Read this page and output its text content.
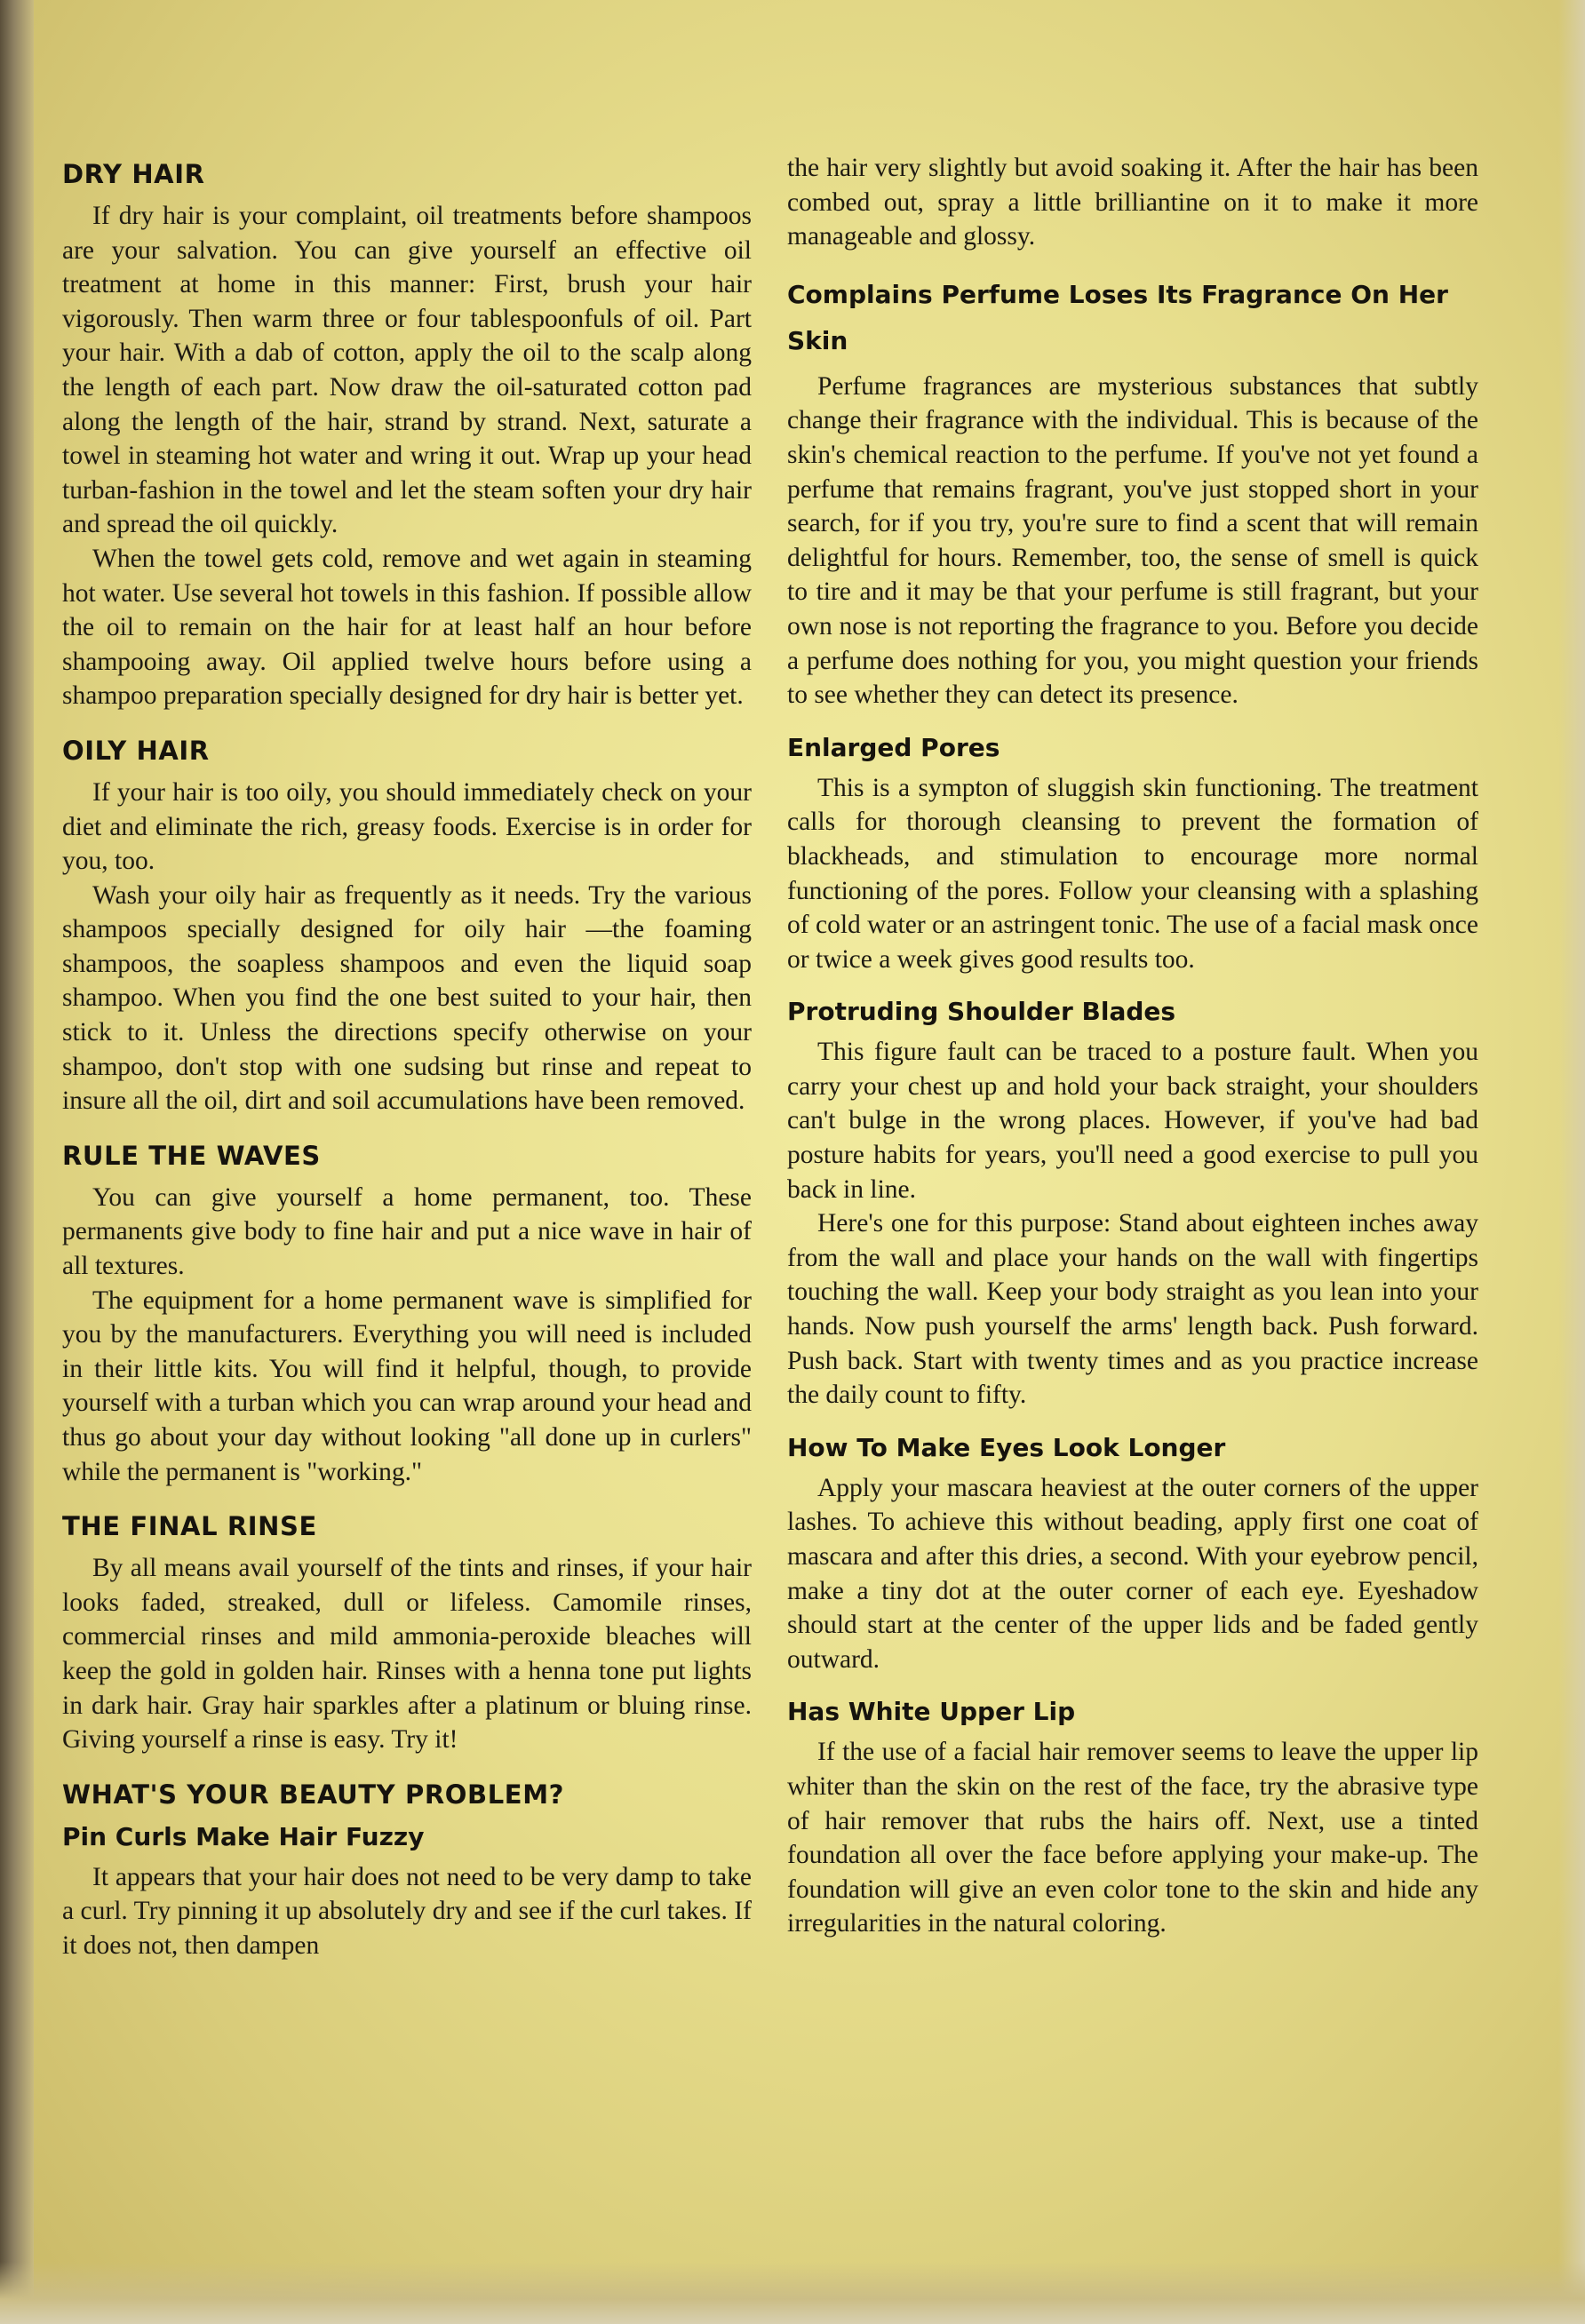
DRY HAIR

If dry hair is your complaint, oil treatments before shampoos are your salvation. You can give yourself an effective oil treatment at home in this manner: First, brush your hair vigorously. Then warm three or four tablespoonfuls of oil. Part your hair. With a dab of cotton, apply the oil to the scalp along the length of each part. Now draw the oil-saturated cotton pad along the length of the hair, strand by strand. Next, saturate a towel in steaming hot water and wring it out. Wrap up your head turban-fashion in the towel and let the steam soften your dry hair and spread the oil quickly.

When the towel gets cold, remove and wet again in steaming hot water. Use several hot towels in this fashion. If possible allow the oil to remain on the hair for at least half an hour before shampooing away. Oil applied twelve hours before using a shampoo preparation specially designed for dry hair is better yet.

OILY HAIR

If your hair is too oily, you should immediately check on your diet and eliminate the rich, greasy foods. Exercise is in order for you, too.

Wash your oily hair as frequently as it needs. Try the various shampoos specially designed for oily hair —the foaming shampoos, the soapless shampoos and even the liquid soap shampoo. When you find the one best suited to your hair, then stick to it. Unless the directions specify otherwise on your shampoo, don't stop with one sudsing but rinse and repeat to insure all the oil, dirt and soil accumulations have been removed.

RULE THE WAVES

You can give yourself a home permanent, too. These permanents give body to fine hair and put a nice wave in hair of all textures.

The equipment for a home permanent wave is simplified for you by the manufacturers. Everything you will need is included in their little kits. You will find it helpful, though, to provide yourself with a turban which you can wrap around your head and thus go about your day without looking "all done up in curlers" while the permanent is "working."

THE FINAL RINSE

By all means avail yourself of the tints and rinses, if your hair looks faded, streaked, dull or lifeless. Camomile rinses, commercial rinses and mild ammonia-peroxide bleaches will keep the gold in golden hair. Rinses with a henna tone put lights in dark hair. Gray hair sparkles after a platinum or bluing rinse. Giving yourself a rinse is easy. Try it!

WHAT'S YOUR BEAUTY PROBLEM?
Pin Curls Make Hair Fuzzy

It appears that your hair does not need to be very damp to take a curl. Try pinning it up absolutely dry and see if the curl takes. If it does not, then dampen

the hair very slightly but avoid soaking it. After the hair has been combed out, spray a little brilliantine on it to make it more manageable and glossy.

Complains Perfume Loses Its Fragrance On Her Skin

Perfume fragrances are mysterious substances that subtly change their fragrance with the individual. This is because of the skin's chemical reaction to the perfume. If you've not yet found a perfume that remains fragrant, you've just stopped short in your search, for if you try, you're sure to find a scent that will remain delightful for hours. Remember, too, the sense of smell is quick to tire and it may be that your perfume is still fragrant, but your own nose is not reporting the fragrance to you. Before you decide a perfume does nothing for you, you might question your friends to see whether they can detect its presence.

Enlarged Pores

This is a sympton of sluggish skin functioning. The treatment calls for thorough cleansing to prevent the formation of blackheads, and stimulation to encourage more normal functioning of the pores. Follow your cleansing with a splashing of cold water or an astringent tonic. The use of a facial mask once or twice a week gives good results too.

Protruding Shoulder Blades

This figure fault can be traced to a posture fault. When you carry your chest up and hold your back straight, your shoulders can't bulge in the wrong places. However, if you've had bad posture habits for years, you'll need a good exercise to pull you back in line.

Here's one for this purpose: Stand about eighteen inches away from the wall and place your hands on the wall with fingertips touching the wall. Keep your body straight as you lean into your hands. Now push yourself the arms' length back. Push forward. Push back. Start with twenty times and as you practice increase the daily count to fifty.

How To Make Eyes Look Longer

Apply your mascara heaviest at the outer corners of the upper lashes. To achieve this without beading, apply first one coat of mascara and after this dries, a second. With your eyebrow pencil, make a tiny dot at the outer corner of each eye. Eyeshadow should start at the center of the upper lids and be faded gently outward.

Has White Upper Lip

If the use of a facial hair remover seems to leave the upper lip whiter than the skin on the rest of the face, try the abrasive type of hair remover that rubs the hairs off. Next, use a tinted foundation all over the face before applying your make-up. The foundation will give an even color tone to the skin and hide any irregularities in the natural coloring.
